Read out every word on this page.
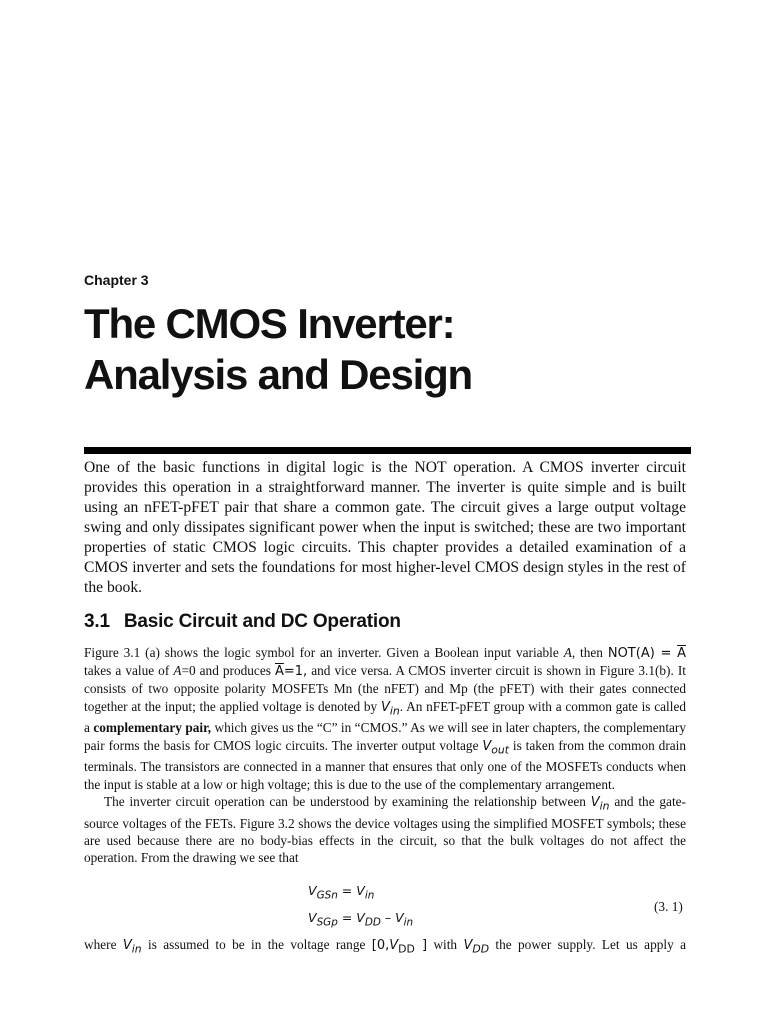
Chapter 3
The CMOS Inverter:
Analysis and Design

One of the basic functions in digital logic is the NOT operation. A CMOS inverter circuit provides this operation in a straightforward manner. The inverter is quite simple and is built using an nFET-pFET pair that share a common gate. The circuit gives a large output voltage swing and only dissipates significant power when the input is switched; these are two important properties of static CMOS logic circuits. This chapter provides a detailed examination of a CMOS inverter and sets the foundations for most higher-level CMOS design styles in the rest of the book.

3.1 Basic Circuit and DC Operation

Figure 3.1 (a) shows the logic symbol for an inverter. Given a Boolean input variable A, then $NOT(A) = \overline{A}$ takes a value of A=0 and produces $\overline{A}=1$, and vice versa. A CMOS inverter circuit is shown in Figure 3.1(b). It consists of two opposite polarity MOSFETs Mn (the nFET) and Mp (the pFET) with their gates connected together at the input; the applied voltage is denoted by $V_{in}$. An nFET-pFET group with a common gate is called a complementary pair, which gives us the “C” in “CMOS.” As we will see in later chapters, the complementary pair forms the basis for CMOS logic circuits. The inverter output voltage $V_{out}$ is taken from the common drain terminals. The transistors are connected in a manner that ensures that only one of the MOSFETs conducts when the input is stable at a low or high voltage; this is due to the use of the complementary arrangement.

The inverter circuit operation can be understood by examining the relationship between $V_{in}$ and the gate-source voltages of the FETs. Figure 3.2 shows the device voltages using the simplified MOSFET symbols; these are used because there are no body-bias effects in the circuit, so that the bulk voltages do not affect the operation. From the drawing we see that

$V_{GSn} = V_{in}$
$V_{SGp} = V_{DD} - V_{in}$
(3. 1)
where $V_{in}$ is assumed to be in the voltage range [$0,V_{DD}$ ] with $V_{DD}$ the power supply. Let us apply a
